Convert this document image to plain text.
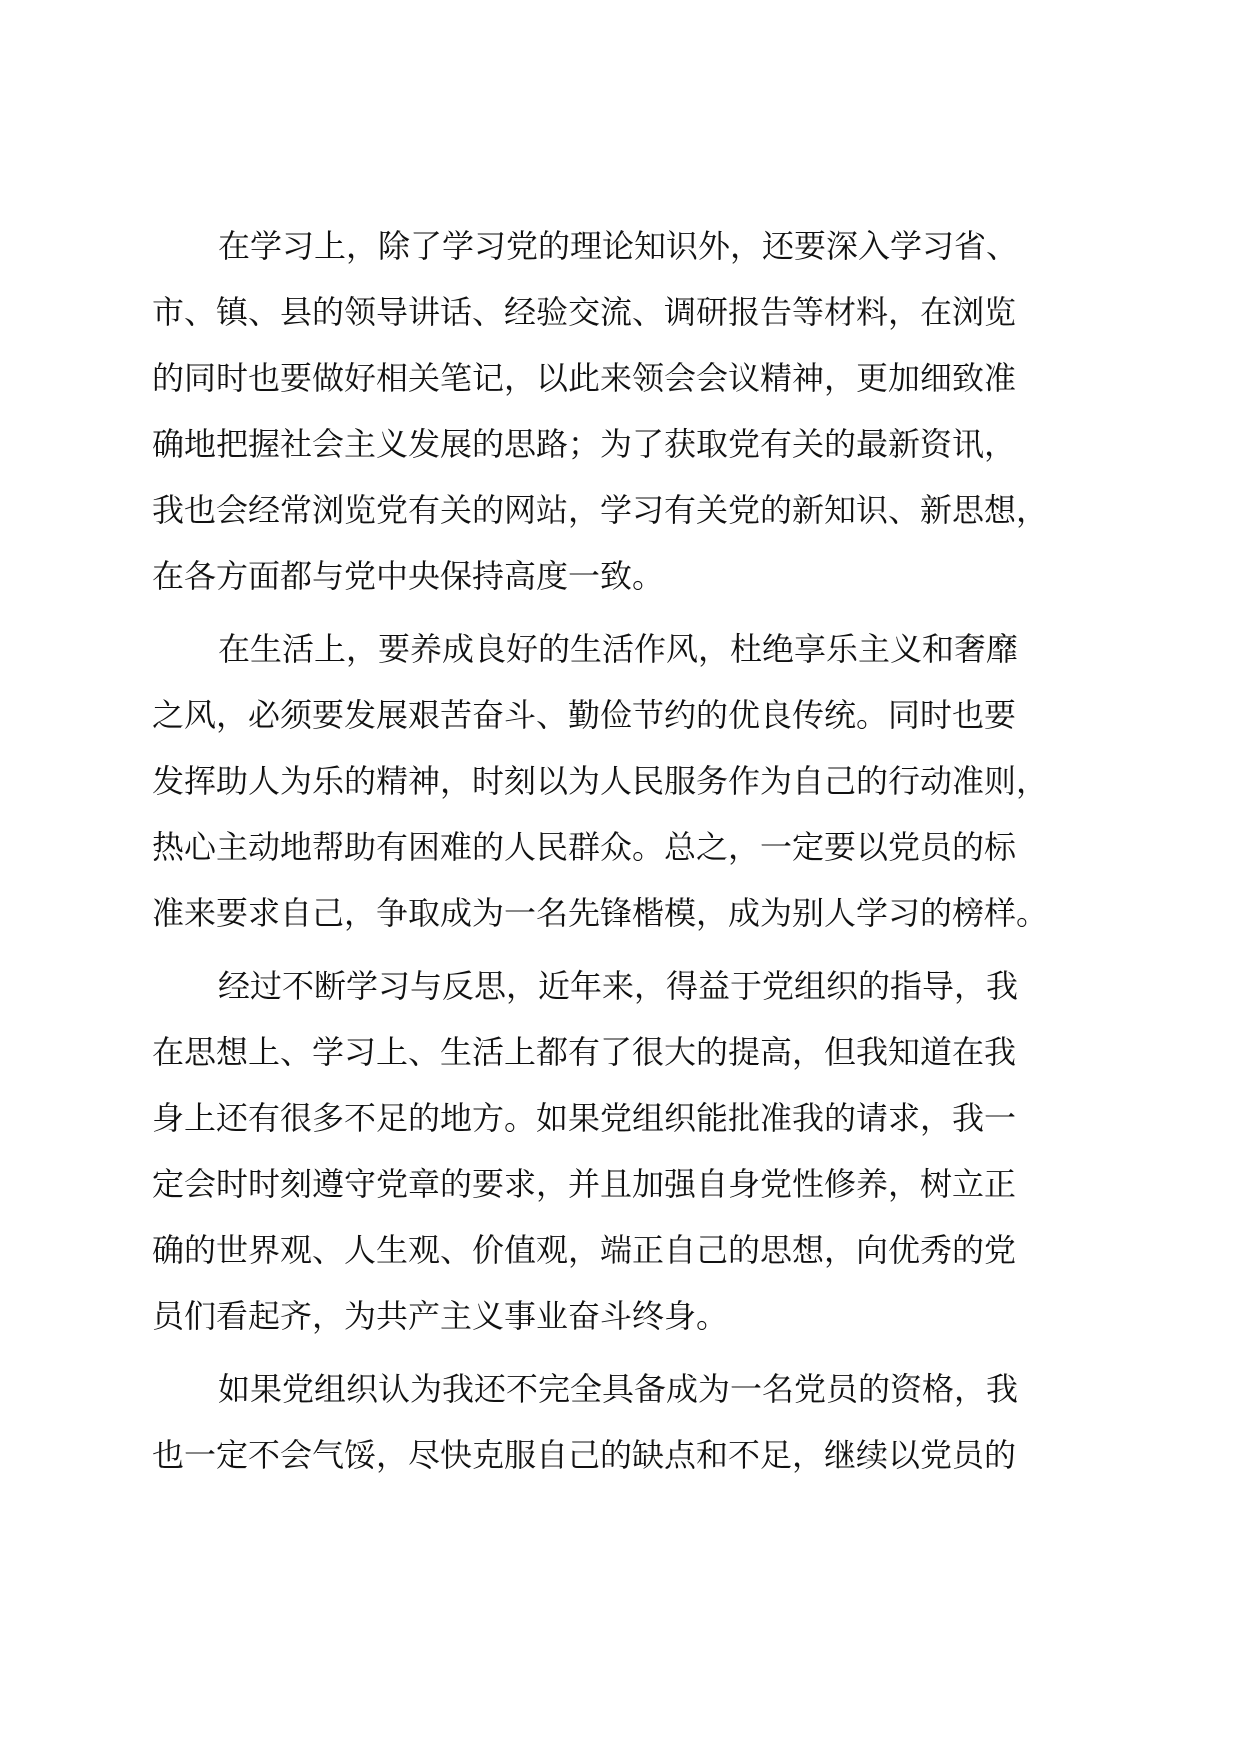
在学习上，除了学习党的理论知识外，还要深入学习省、
市、镇、县的领导讲话、经验交流、调研报告等材料，在浏览
的同时也要做好相关笔记，以此来领会会议精神，更加细致准
确地把握社会主义发展的思路；为了获取党有关的最新资讯，
我也会经常浏览党有关的网站，学习有关党的新知识、新思想，
在各方面都与党中央保持高度一致。
在生活上，要养成良好的生活作风，杜绝享乐主义和奢靡
之风，必须要发展艰苦奋斗、勤俭节约的优良传统。同时也要
发挥助人为乐的精神，时刻以为人民服务作为自己的行动准则，
热心主动地帮助有困难的人民群众。总之，一定要以党员的标
准来要求自己，争取成为一名先锋楷模，成为别人学习的榜样。
经过不断学习与反思，近年来，得益于党组织的指导，我
在思想上、学习上、生活上都有了很大的提高，但我知道在我
身上还有很多不足的地方。如果党组织能批准我的请求，我一
定会时时刻遵守党章的要求，并且加强自身党性修养，树立正
确的世界观、人生观、价值观，端正自己的思想，向优秀的党
员们看起齐，为共产主义事业奋斗终身。
如果党组织认为我还不完全具备成为一名党员的资格，我
也一定不会气馁，尽快克服自己的缺点和不足，继续以党员的
